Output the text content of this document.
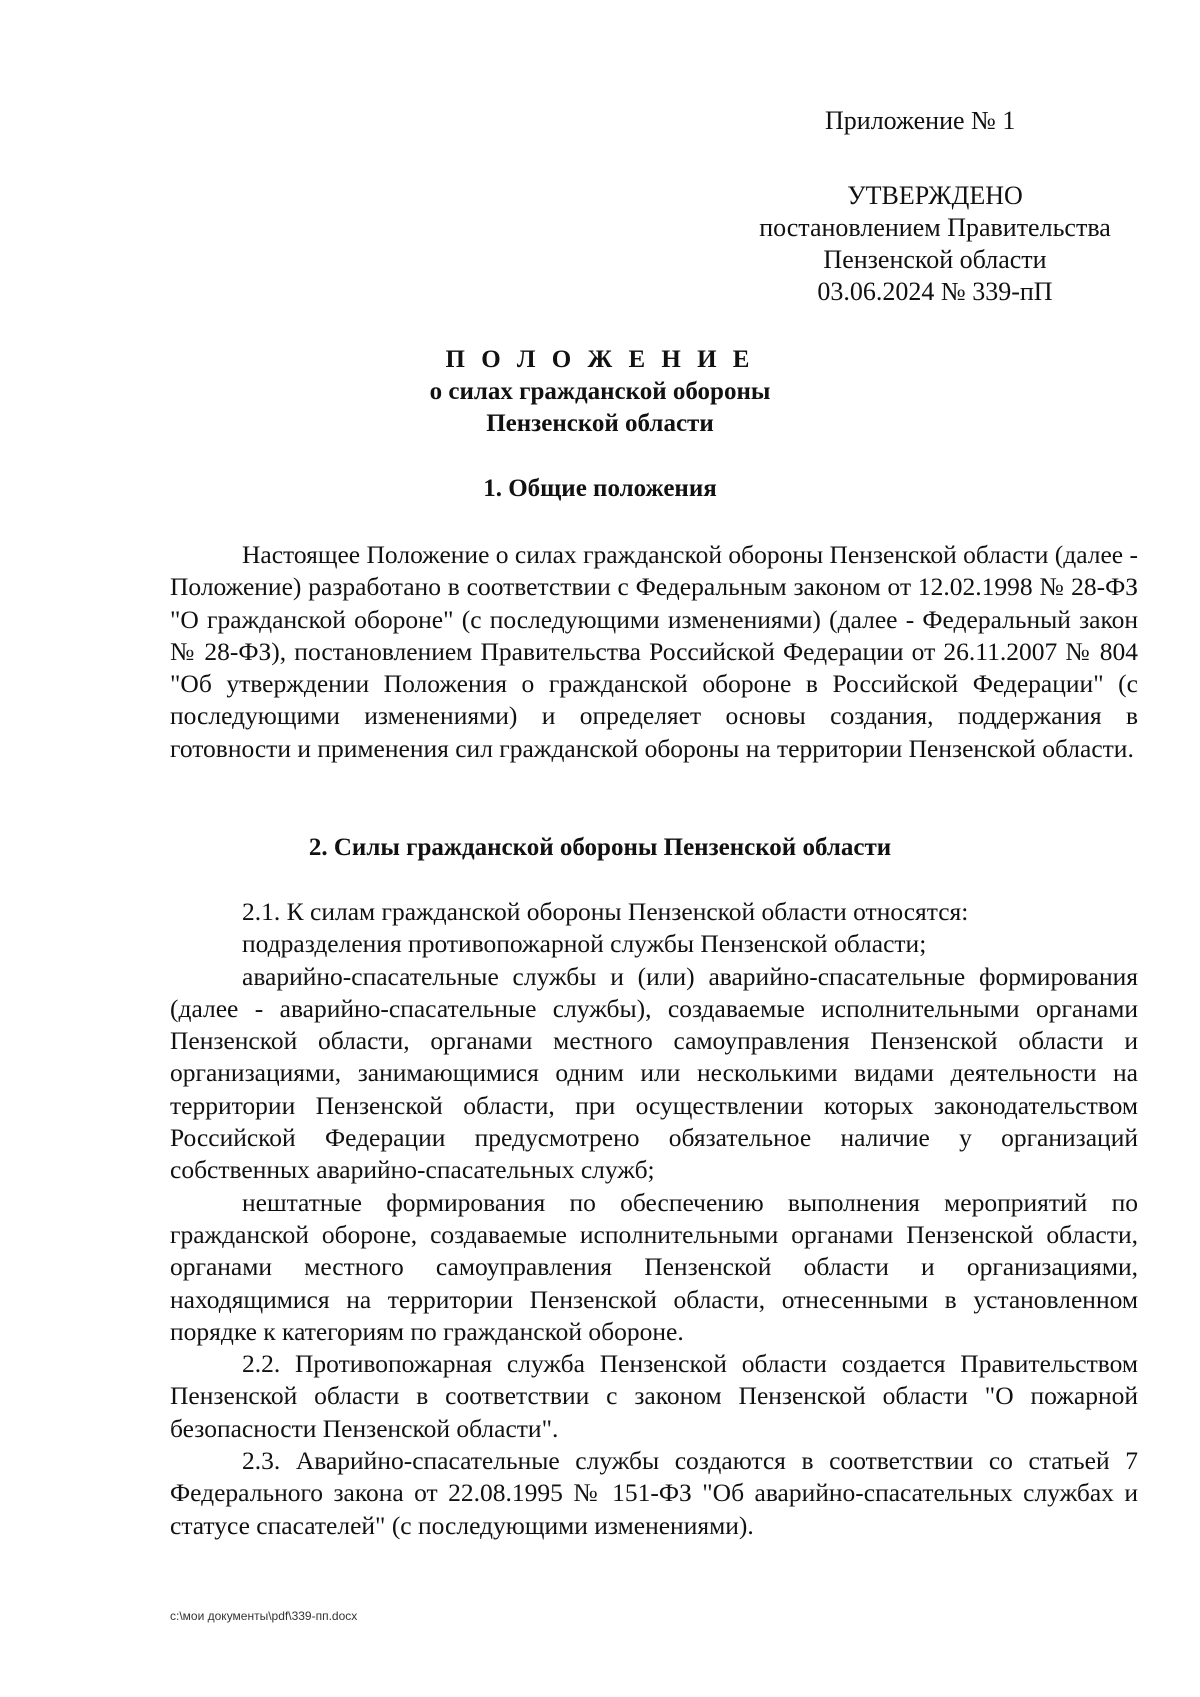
Приложение № 1
УТВЕРЖДЕНО
постановлением Правительства
Пензенской области
03.06.2024 № 339-пП
П О Л О Ж Е Н И Е
о силах гражданской обороны
Пензенской области
1. Общие положения

Настоящее Положение о силах гражданской обороны Пензенской области (далее - Положение) разработано в соответствии с Федеральным законом от 12.02.1998 № 28-ФЗ "О гражданской обороне" (с последующими изменениями) (далее - Федеральный закон № 28-ФЗ), постановлением Правительства Российской Федерации от 26.11.2007 № 804 "Об утверждении Положения о гражданской обороне в Российской Федерации" (с последующими изменениями) и определяет основы создания, поддержания в готовности и применения сил гражданской обороны на территории Пензенской области.

2. Силы гражданской обороны Пензенской области

2.1. К силам гражданской обороны Пензенской области относятся:

подразделения противопожарной службы Пензенской области;

аварийно-спасательные службы и (или) аварийно-спасательные формирования (далее - аварийно-спасательные службы), создаваемые исполнительными органами Пензенской области, органами местного самоуправления Пензенской области и организациями, занимающимися одним или несколькими видами деятельности на территории Пензенской области, при осуществлении которых законодательством Российской Федерации предусмотрено обязательное наличие у организаций собственных аварийно-спасательных служб;

нештатные формирования по обеспечению выполнения мероприятий по гражданской обороне, создаваемые исполнительными органами Пензенской области, органами местного самоуправления Пензенской области и организациями, находящимися на территории Пензенской области, отнесенными в установленном порядке к категориям по гражданской обороне.

2.2. Противопожарная служба Пензенской области создается Правительством Пензенской области в соответствии с законом Пензенской области "О пожарной безопасности Пензенской области".

2.3. Аварийно-спасательные службы создаются в соответствии со статьей 7 Федерального закона от 22.08.1995 № 151-ФЗ "Об аварийно-спасательных службах и статусе спасателей" (с последующими изменениями).

c:\мои документы\pdf\339-пп.docx
